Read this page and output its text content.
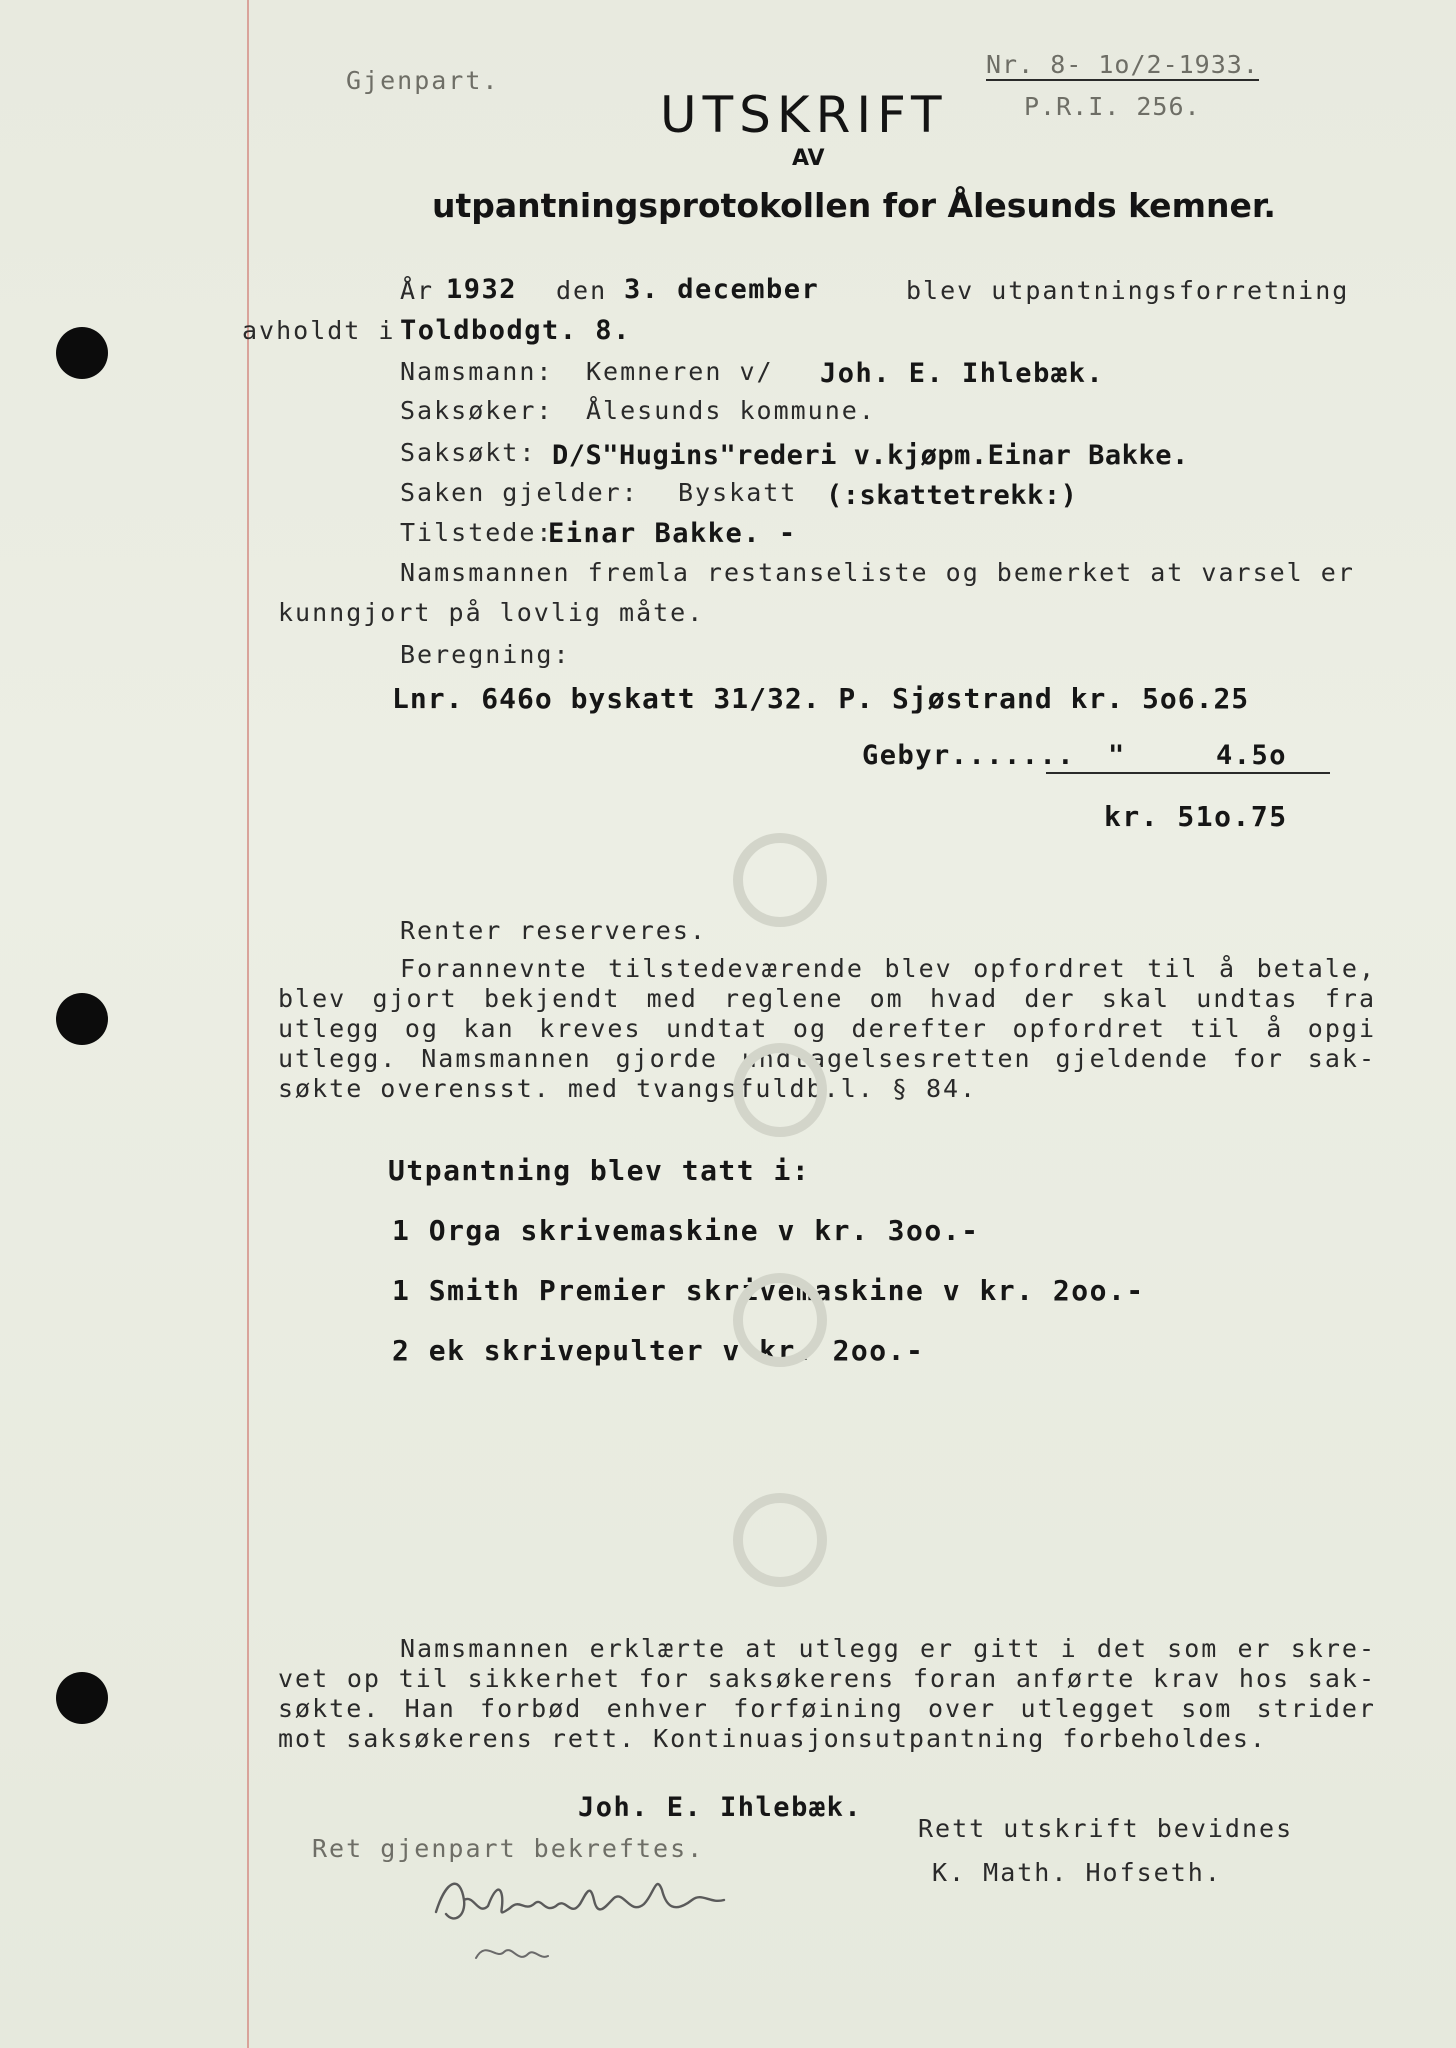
Gjenpart.
UTSKRIFT
Nr. 8- 1o/2-1933.
P.R.I. 256.
AV
utpantningsprotokollen for Ålesunds kemner.
År 1932 den 3. december	blev utpantningsforretning
avholdt i Toldbodgt. 8.
Namsmann: Kemneren v/ Joh. E. Ihlebæk.
Saksøker: Ålesunds kommune.
Saksøkt: D/S"Hugins"rederi v.kjøpm.Einar Bakke.
Saken gjelder: Byskatt (:skattetrekk:)
Tilstede:
Einar Bakke. -
Namsmannen fremla restanseliste og bemerket at varsel er
kunngjort på lovlig måte.
Beregning:
Lnr. 646o byskatt 31/32. P. Sjøstrand kr. 5o6.25
Gebyr....... "	4.5o
kr. 51o.75
Renter reserveres.
Forannevnte tilstedeværende blev opfordret til å betale,
blev gjort bekjendt med reglene om hvad der skal undtas fra
utlegg og kan kreves undtat og derefter opfordret til å opgi
utlegg. Namsmannen gjorde undtagelsesretten gjeldende for sak-
søkte overensst. med tvangsfuldb.l. § 84.
Utpantning blev tatt i:
1 Orga skrivemaskine v kr. 3oo.-
1 Smith Premier skrivemaskine v kr. 2oo.-
2 ek skrivepulter v kr. 2oo.-
Namsmannen erklærte at utlegg er gitt i det som er skre-
vet op til sikkerhet for saksøkerens foran anførte krav hos sak-
søkte. Han forbød enhver forføining over utlegget som strider
mot saksøkerens rett. Kontinuasjonsutpantning forbeholdes.
Joh. E. Ihlebæk.
Rett utskrift bevidnes
K. Math. Hofseth.
Ret gjenpart bekreftes.
